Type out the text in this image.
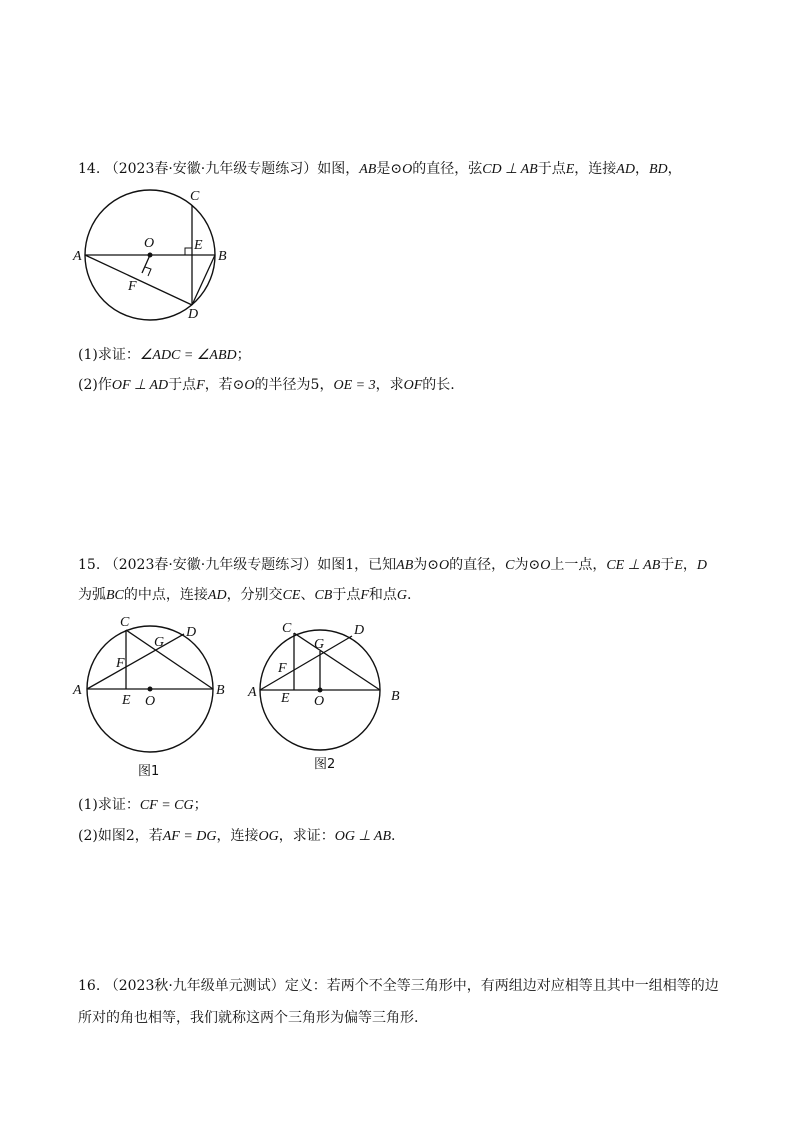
14. （2023春·安徽·九年级专题练习）如图，AB是⊙O的直径，弦CD ⊥ AB于点E，连接AD，BD，
A	B
C
D
E
O
F
(1)求证：∠ADC = ∠ABD；
(2)作OF ⊥ AD于点F，若⊙O的半径为5，OE = 3，求OF的长.
15. （2023春·安徽·九年级专题练习）如图1，已知AB为⊙O的直径，C为⊙O上一点，CE ⊥ AB于E，D
为弧BC的中点，连接AD，分别交CE、CB于点F和点G.
A	B
C
D
E O
F
G
图1
A	B
C	D
E O
F
G
图2
(1)求证：CF = CG；
(2)如图2，若AF = DG，连接OG，求证：OG ⊥ AB.
16. （2023秋·九年级单元测试）定义：若两个不全等三角形中，有两组边对应相等且其中一组相等的边
所对的角也相等，我们就称这两个三角形为偏等三角形.
